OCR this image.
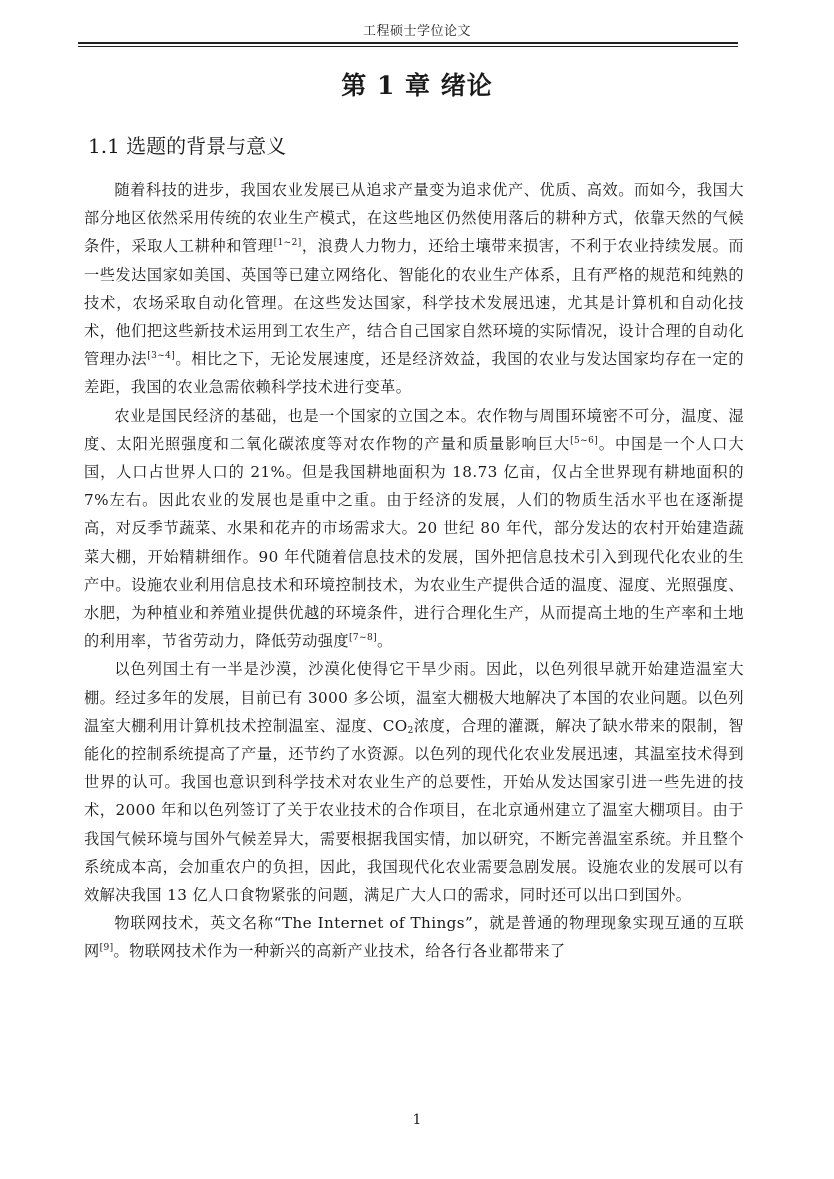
工程硕士学位论文
第 1 章 绪论
1.1 选题的背景与意义

随着科技的进步，我国农业发展已从追求产量变为追求优产、优质、高效。而如今，我国大部分地区依然采用传统的农业生产模式，在这些地区仍然使用落后的耕种方式，依靠天然的气候条件，采取人工耕种和管理[1~2]，浪费人力物力，还给土壤带来损害，不利于农业持续发展。而一些发达国家如美国、英国等已建立网络化、智能化的农业生产体系，且有严格的规范和纯熟的技术，农场采取自动化管理。在这些发达国家，科学技术发展迅速，尤其是计算机和自动化技术，他们把这些新技术运用到工农生产，结合自己国家自然环境的实际情况，设计合理的自动化管理办法[3~4]。相比之下，无论发展速度，还是经济效益，我国的农业与发达国家均存在一定的差距，我国的农业急需依赖科学技术进行变革。

农业是国民经济的基础，也是一个国家的立国之本。农作物与周围环境密不可分，温度、湿度、太阳光照强度和二氧化碳浓度等对农作物的产量和质量影响巨大[5~6]。中国是一个人口大国，人口占世界人口的 21%。但是我国耕地面积为 18.73 亿亩，仅占全世界现有耕地面积的 7%左右。因此农业的发展也是重中之重。由于经济的发展，人们的物质生活水平也在逐渐提高，对反季节蔬菜、水果和花卉的市场需求大。20 世纪 80 年代，部分发达的农村开始建造蔬菜大棚，开始精耕细作。90 年代随着信息技术的发展，国外把信息技术引入到现代化农业的生产中。设施农业利用信息技术和环境控制技术，为农业生产提供合适的温度、湿度、光照强度、水肥，为种植业和养殖业提供优越的环境条件，进行合理化生产，从而提高土地的生产率和土地的利用率，节省劳动力，降低劳动强度[7~8]。

以色列国土有一半是沙漠，沙漠化使得它干旱少雨。因此，以色列很早就开始建造温室大棚。经过多年的发展，目前已有 3000 多公顷，温室大棚极大地解决了本国的农业问题。以色列温室大棚利用计算机技术控制温室、湿度、$CO_2$浓度，合理的灌溉，解决了缺水带来的限制，智能化的控制系统提高了产量，还节约了水资源。以色列的现代化农业发展迅速，其温室技术得到世界的认可。我国也意识到科学技术对农业生产的总要性，开始从发达国家引进一些先进的技术，2000 年和以色列签订了关于农业技术的合作项目，在北京通州建立了温室大棚项目。由于我国气候环境与国外气候差异大，需要根据我国实情，加以研究，不断完善温室系统。并且整个系统成本高，会加重农户的负担，因此，我国现代化农业需要急剧发展。设施农业的发展可以有效解决我国 13 亿人口食物紧张的问题，满足广大人口的需求，同时还可以出口到国外。

物联网技术，英文名称“The Internet of Things”，就是普通的物理现象实现互通的互联网[9]。物联网技术作为一种新兴的高新产业技术，给各行各业都带来了

1
